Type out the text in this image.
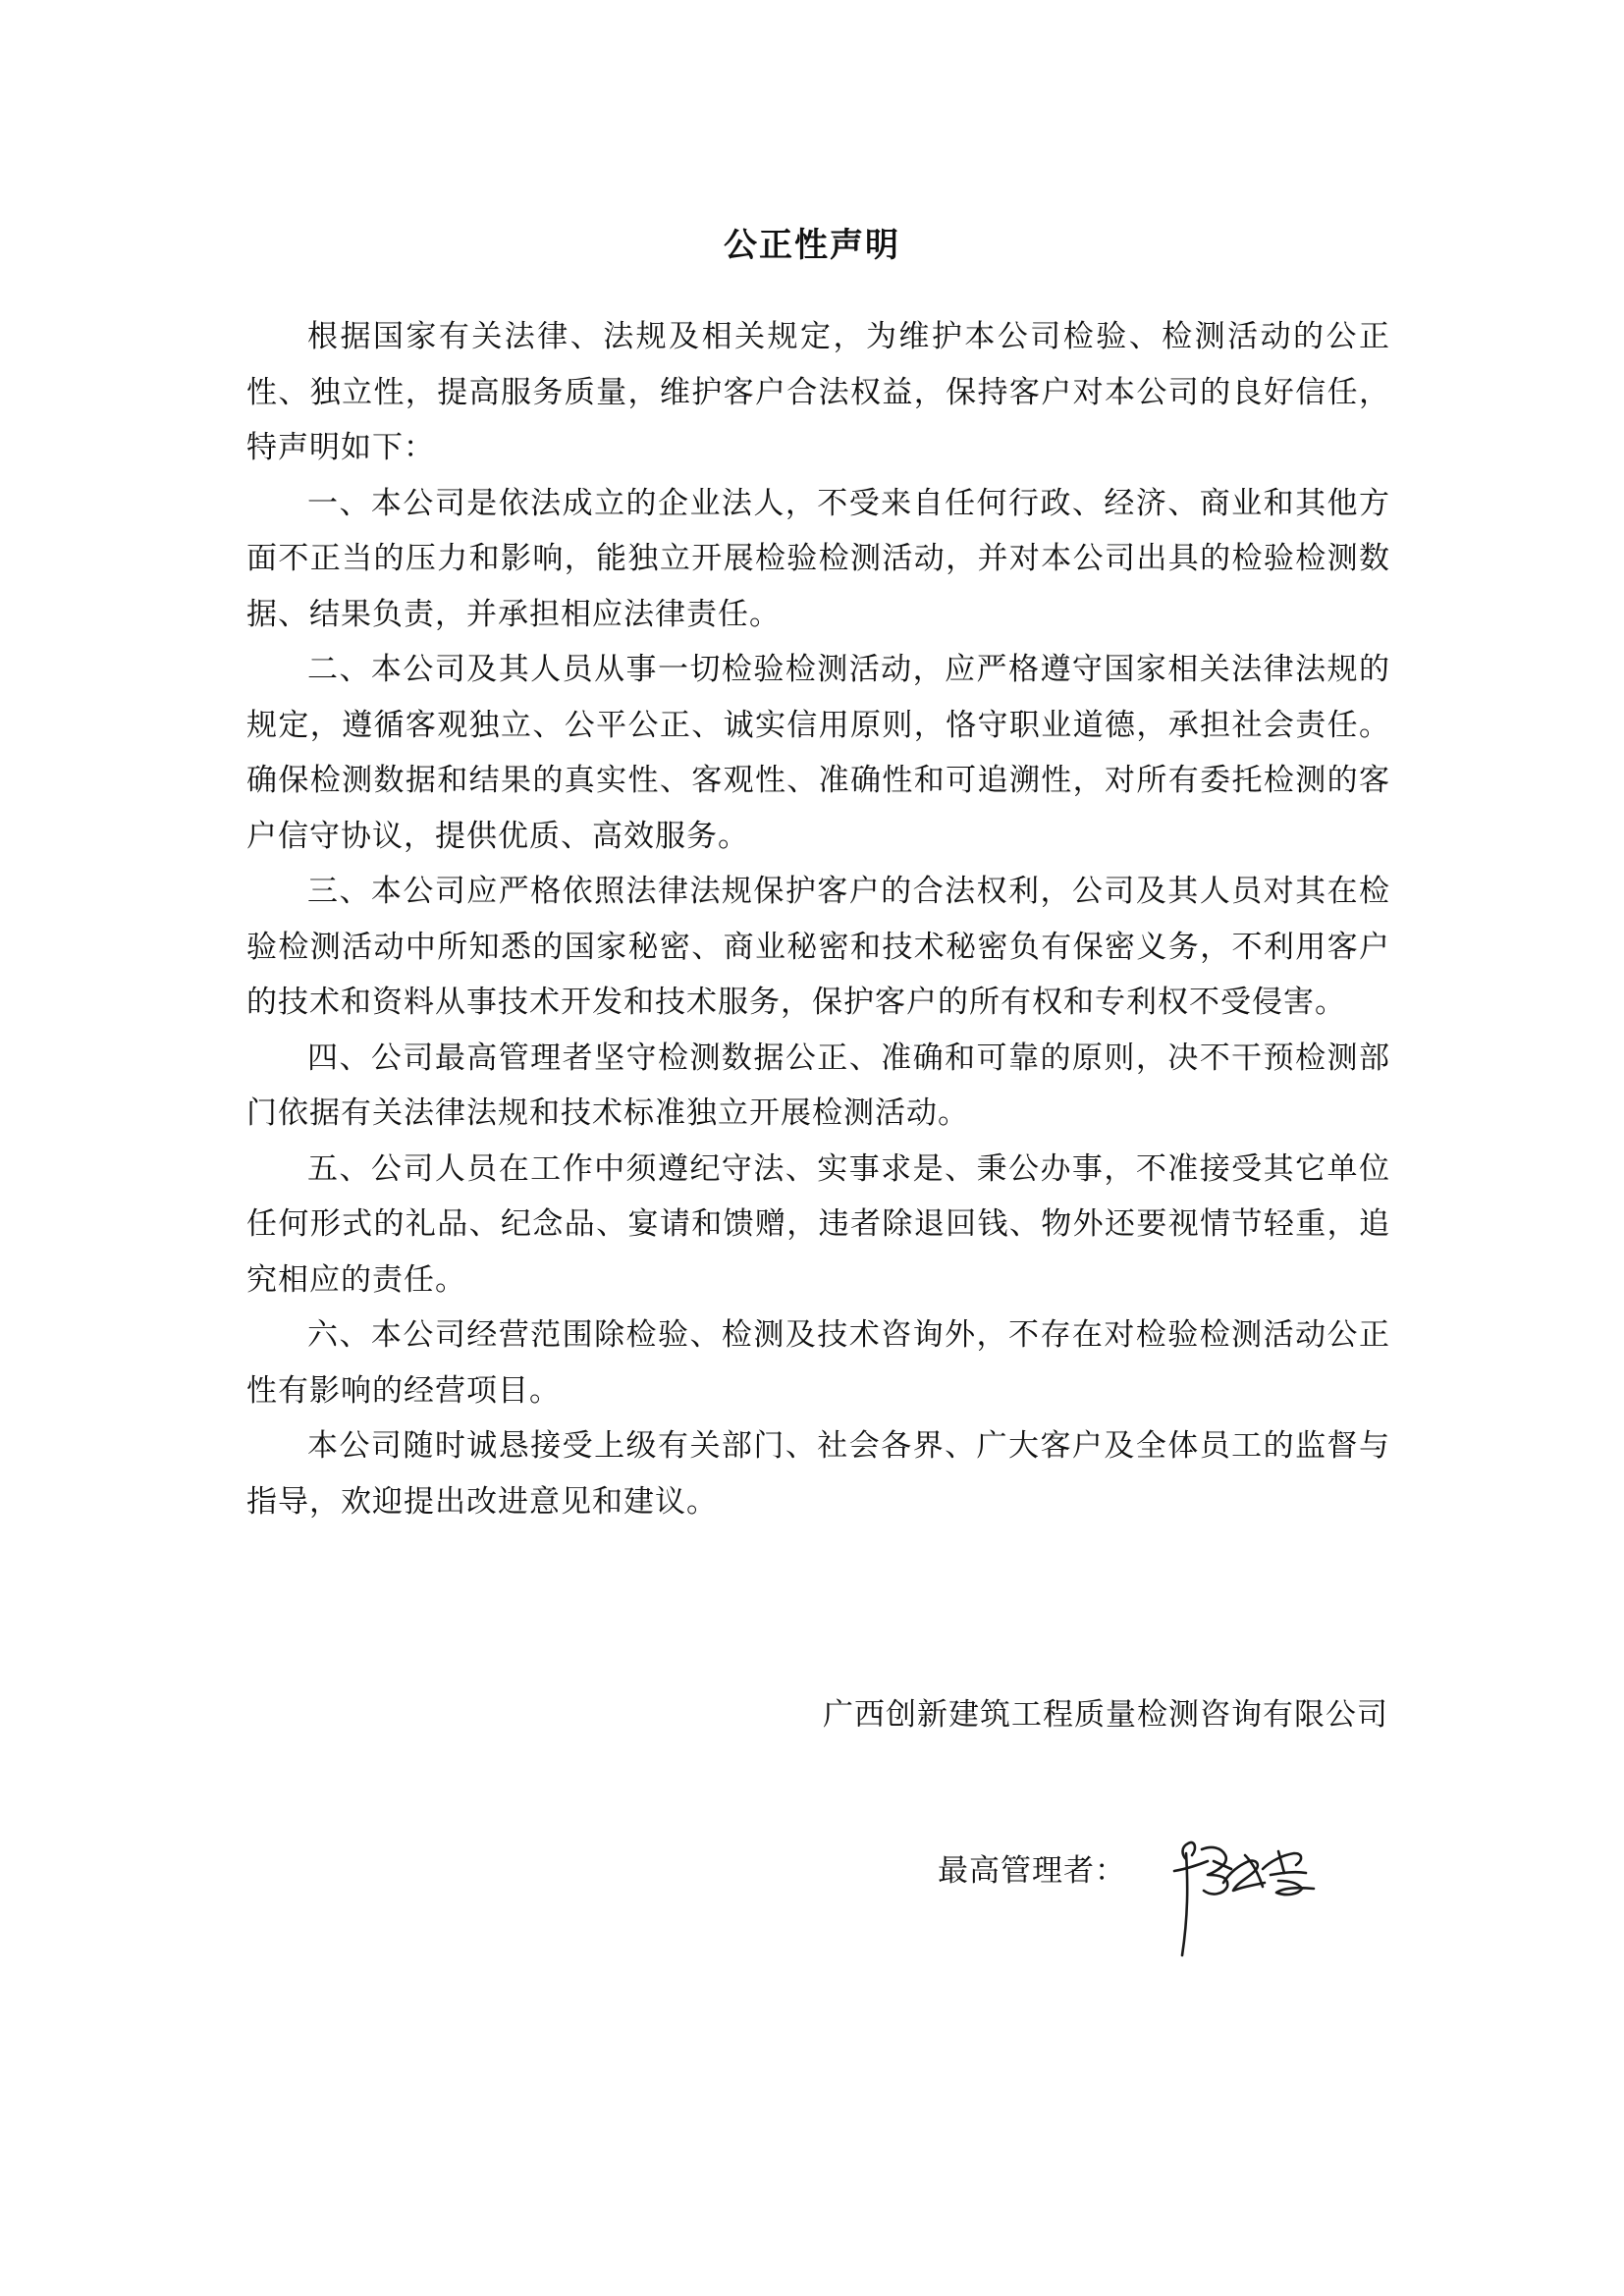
公正性声明

根据国家有关法律、法规及相关规定，为维护本公司检验、检测活动的公正性、独立性，提高服务质量，维护客户合法权益，保持客户对本公司的良好信任，特声明如下：

一、本公司是依法成立的企业法人，不受来自任何行政、经济、商业和其他方面不正当的压力和影响，能独立开展检验检测活动，并对本公司出具的检验检测数据、结果负责，并承担相应法律责任。

二、本公司及其人员从事一切检验检测活动，应严格遵守国家相关法律法规的规定，遵循客观独立、公平公正、诚实信用原则，恪守职业道德，承担社会责任。确保检测数据和结果的真实性、客观性、准确性和可追溯性，对所有委托检测的客户信守协议，提供优质、高效服务。

三、本公司应严格依照法律法规保护客户的合法权利，公司及其人员对其在检验检测活动中所知悉的国家秘密、商业秘密和技术秘密负有保密义务，不利用客户的技术和资料从事技术开发和技术服务，保护客户的所有权和专利权不受侵害。

四、公司最高管理者坚守检测数据公正、准确和可靠的原则，决不干预检测部门依据有关法律法规和技术标准独立开展检测活动。

五、公司人员在工作中须遵纪守法、实事求是、秉公办事，不准接受其它单位任何形式的礼品、纪念品、宴请和馈赠，违者除退回钱、物外还要视情节轻重，追究相应的责任。

六、本公司经营范围除检验、检测及技术咨询外，不存在对检验检测活动公正性有影响的经营项目。

本公司随时诚恳接受上级有关部门、社会各界、广大客户及全体员工的监督与指导，欢迎提出改进意见和建议。

广西创新建筑工程质量检测咨询有限公司
最高管理者：
